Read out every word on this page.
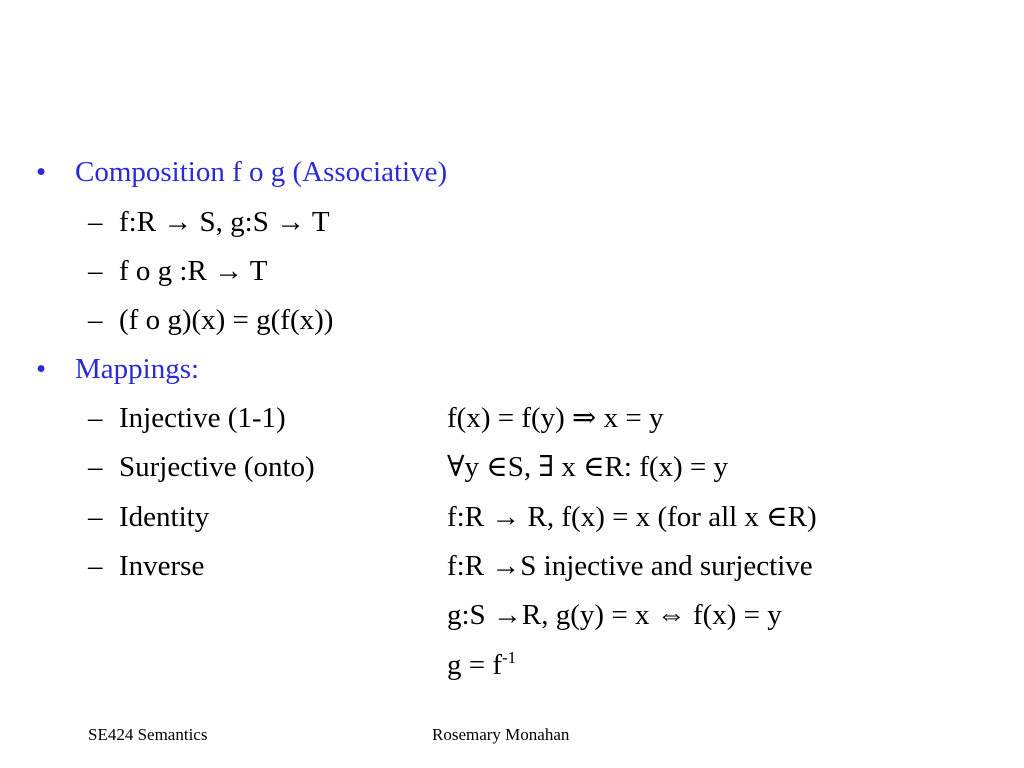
• Composition f o g (Associative)
– f:R → S, g:S → T
– f o g :R → T
– (f o g)(x) = g(f(x))
• Mappings:
– Injective (1-1)	f(x) = f(y) ⇒ x = y
– Surjective (onto)	∀y ∈S, ∃ x ∈R: f(x) = y
– Identity	f:R → R, f(x) = x (for all x ∈R)
– Inverse	f:R →S injective and surjective
g:S →R, g(y) = x ⇔ f(x) = y
$g = f^{-1}$
SE424 Semantics	Rosemary Monahan
